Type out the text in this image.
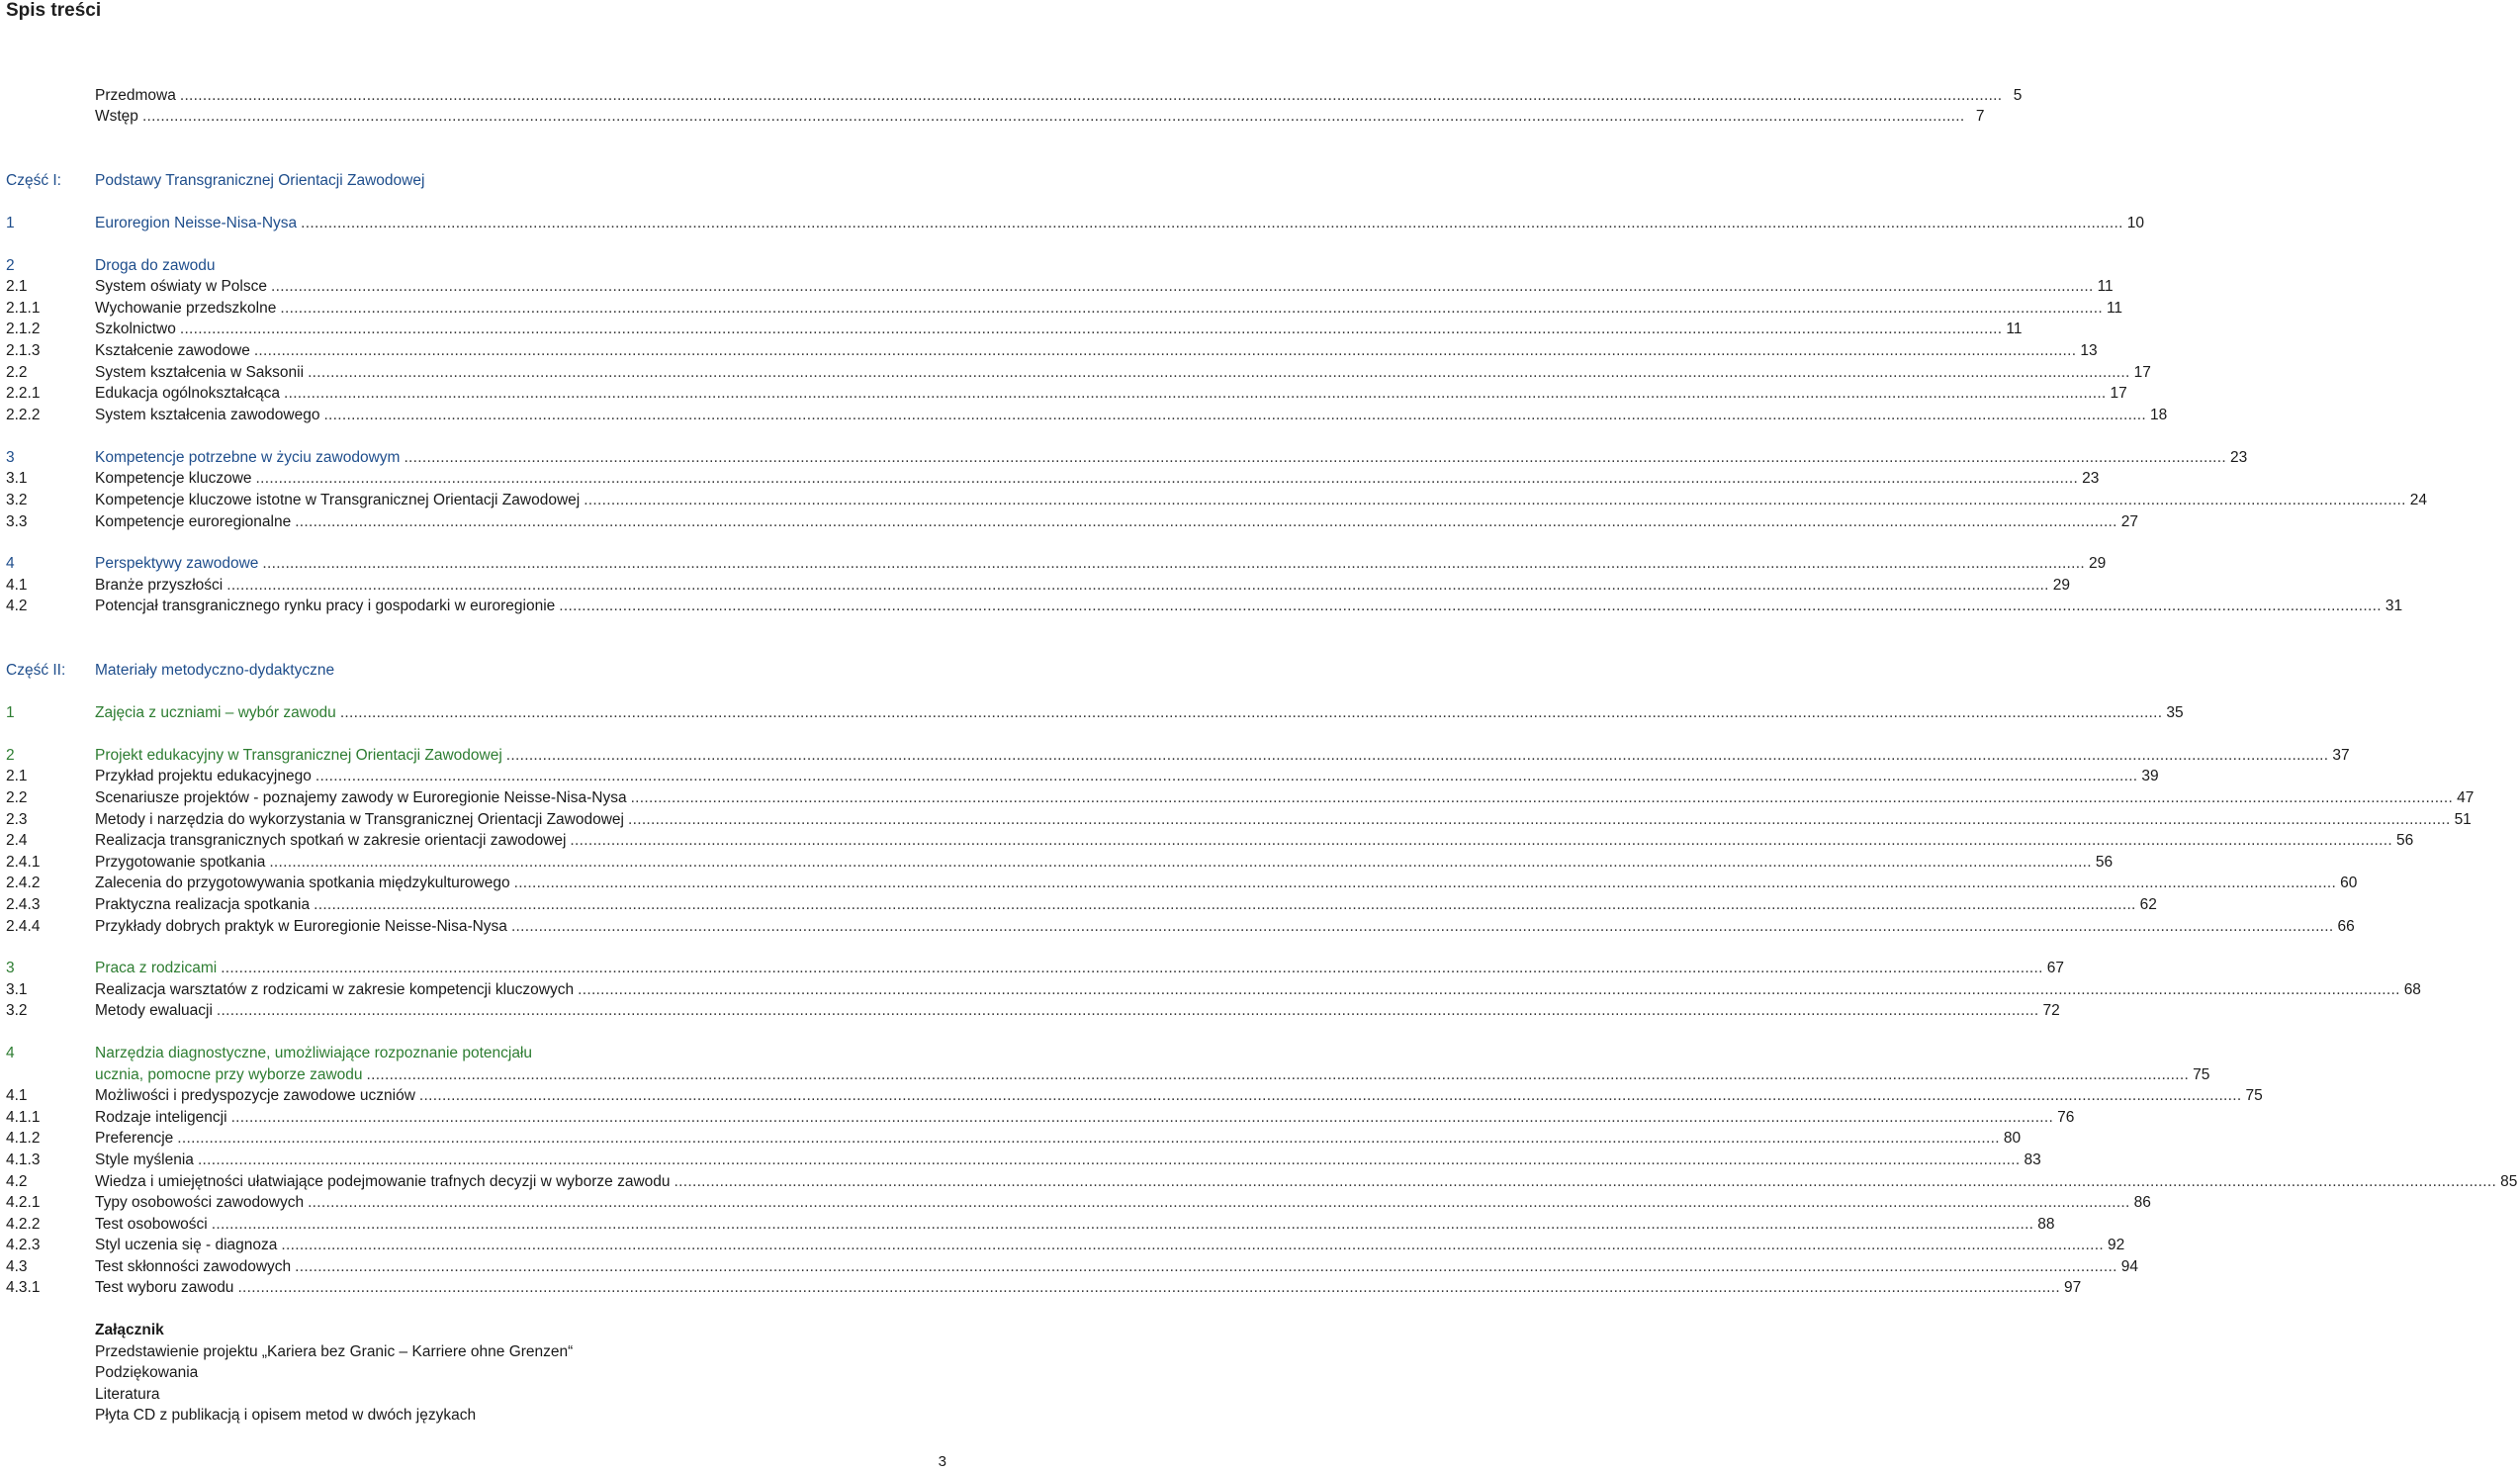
Spis treści
Przedmowa ................................................................................................................................................................................................................................................................................................................................................................................................................ 5
Wstęp ................................................................................................................................................................................................................................................................................................................................................................................................................ 7
Część I:	Podstawy Transgranicznej Orientacji Zawodowej
1	Euroregion Neisse-Nisa-Nysa ................................................................................................................................................................................................................................................................................................................................................................................................................ 10
2	Droga do zawodu
2.1	System oświaty w Polsce ................................................................................................................................................................................................................................................................................................................................................................................................................ 11
2.1.1	Wychowanie przedszkolne ................................................................................................................................................................................................................................................................................................................................................................................................................ 11
2.1.2	Szkolnictwo ................................................................................................................................................................................................................................................................................................................................................................................................................ 11
2.1.3	Kształcenie zawodowe ................................................................................................................................................................................................................................................................................................................................................................................................................ 13
2.2	System kształcenia w Saksonii ................................................................................................................................................................................................................................................................................................................................................................................................................ 17
2.2.1	Edukacja ogólnokształcąca ................................................................................................................................................................................................................................................................................................................................................................................................................ 17
2.2.2	System kształcenia zawodowego ................................................................................................................................................................................................................................................................................................................................................................................................................ 18
3	Kompetencje potrzebne w życiu zawodowym ................................................................................................................................................................................................................................................................................................................................................................................................................ 23
3.1	Kompetencje kluczowe ................................................................................................................................................................................................................................................................................................................................................................................................................ 23
3.2	Kompetencje kluczowe istotne w Transgranicznej Orientacji Zawodowej ................................................................................................................................................................................................................................................................................................................................................................................................................ 24
3.3	Kompetencje euroregionalne ................................................................................................................................................................................................................................................................................................................................................................................................................ 27
4	Perspektywy zawodowe ................................................................................................................................................................................................................................................................................................................................................................................................................ 29
4.1	Branże przyszłości ................................................................................................................................................................................................................................................................................................................................................................................................................ 29
4.2	Potencjał transgranicznego rynku pracy i gospodarki w euroregionie ................................................................................................................................................................................................................................................................................................................................................................................................................ 31
Część II:	Materiały metodyczno-dydaktyczne
1	Zajęcia z uczniami – wybór zawodu ................................................................................................................................................................................................................................................................................................................................................................................................................ 35
2	Projekt edukacyjny w Transgranicznej Orientacji Zawodowej ................................................................................................................................................................................................................................................................................................................................................................................................................ 37
2.1	Przykład projektu edukacyjnego ................................................................................................................................................................................................................................................................................................................................................................................................................ 39
2.2	Scenariusze projektów - poznajemy zawody w Euroregionie Neisse-Nisa-Nysa ................................................................................................................................................................................................................................................................................................................................................................................................................ 47
2.3	Metody i narzędzia do wykorzystania w Transgranicznej Orientacji Zawodowej ................................................................................................................................................................................................................................................................................................................................................................................................................ 51
2.4	Realizacja transgranicznych spotkań w zakresie orientacji zawodowej ................................................................................................................................................................................................................................................................................................................................................................................................................ 56
2.4.1	Przygotowanie spotkania ................................................................................................................................................................................................................................................................................................................................................................................................................ 56
2.4.2	Zalecenia do przygotowywania spotkania międzykulturowego ................................................................................................................................................................................................................................................................................................................................................................................................................ 60
2.4.3	Praktyczna realizacja spotkania ................................................................................................................................................................................................................................................................................................................................................................................................................ 62
2.4.4	Przykłady dobrych praktyk w Euroregionie Neisse-Nisa-Nysa ................................................................................................................................................................................................................................................................................................................................................................................................................ 66
3	Praca z rodzicami ................................................................................................................................................................................................................................................................................................................................................................................................................ 67
3.1	Realizacja warsztatów z rodzicami w zakresie kompetencji kluczowych ................................................................................................................................................................................................................................................................................................................................................................................................................ 68
3.2	Metody ewaluacji ................................................................................................................................................................................................................................................................................................................................................................................................................ 72
4	Narzędzia diagnostyczne, umożliwiające rozpoznanie potencjału
ucznia, pomocne przy wyborze zawodu ................................................................................................................................................................................................................................................................................................................................................................................................................ 75
4.1	Możliwości i predyspozycje zawodowe uczniów ................................................................................................................................................................................................................................................................................................................................................................................................................ 75
4.1.1	Rodzaje inteligencji ................................................................................................................................................................................................................................................................................................................................................................................................................ 76
4.1.2	Preferencje ................................................................................................................................................................................................................................................................................................................................................................................................................ 80
4.1.3	Style myślenia ................................................................................................................................................................................................................................................................................................................................................................................................................ 83
4.2	Wiedza i umiejętności ułatwiające podejmowanie trafnych decyzji w wyborze zawodu ................................................................................................................................................................................................................................................................................................................................................................................................................ 85
4.2.1	Typy osobowości zawodowych ................................................................................................................................................................................................................................................................................................................................................................................................................ 86
4.2.2	Test osobowości ................................................................................................................................................................................................................................................................................................................................................................................................................ 88
4.2.3	Styl uczenia się - diagnoza ................................................................................................................................................................................................................................................................................................................................................................................................................ 92
4.3	Test skłonności zawodowych ................................................................................................................................................................................................................................................................................................................................................................................................................ 94
4.3.1	Test wyboru zawodu ................................................................................................................................................................................................................................................................................................................................................................................................................ 97
Załącznik
Przedstawienie projektu „Kariera bez Granic – Karriere ohne Grenzen“
Podziękowania
Literatura
Płyta CD z publikacją i opisem metod w dwóch językach
3
